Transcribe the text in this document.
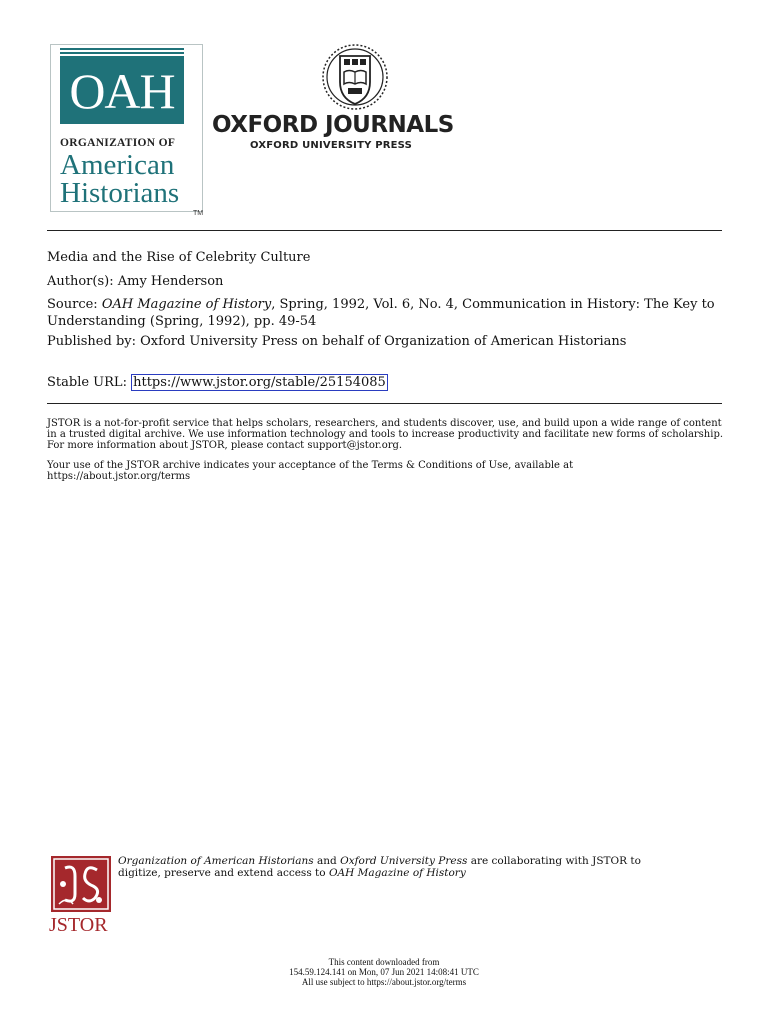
OAH
ORGANIZATION OF
American
Historians
TM
OXFORD JOURNALS
OXFORD UNIVERSITY PRESS
Media and the Rise of Celebrity Culture
Author(s): Amy Henderson
Source: OAH Magazine of History, Spring, 1992, Vol. 6, No. 4, Communication in History: The Key to Understanding (Spring, 1992), pp. 49-54
Published by: Oxford University Press on behalf of Organization of American Historians
Stable URL: https://www.jstor.org/stable/25154085
JSTOR is a not-for-profit service that helps scholars, researchers, and students discover, use, and build upon a wide range of content in a trusted digital archive. We use information technology and tools to increase productivity and facilitate new forms of scholarship. For more information about JSTOR, please contact support@jstor.org.
Your use of the JSTOR archive indicates your acceptance of the Terms & Conditions of Use, available at https://about.jstor.org/terms
JSTOR
Organization of American Historians and Oxford University Press are collaborating with JSTOR to digitize, preserve and extend access to OAH Magazine of History
This content downloaded from
154.59.124.141 on Mon, 07 Jun 2021 14:08:41 UTC
All use subject to https://about.jstor.org/terms
